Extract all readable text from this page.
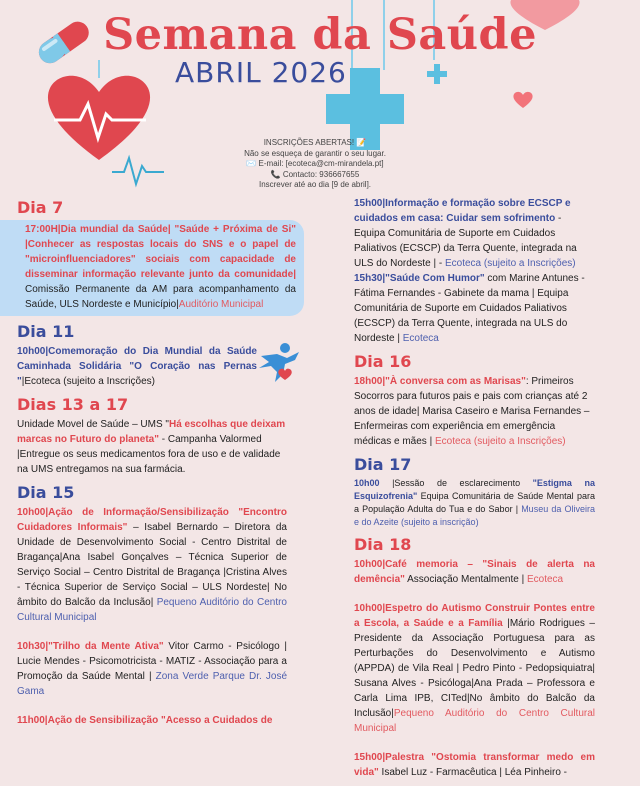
Semana da Saúde
ABRIL 2026
INSCRIÇÕES ABERTAS! 📝
Não se esqueça de garantir o seu lugar.
✉️ E-mail: [ecoteca@cm-mirandela.pt]
📞 Contacto: 936667655
Inscrever até ao dia [9 de abril].
Dia 7
17:00H|Dia mundial da Saúde| "Saúde + Próxima de Si" |Conhecer as respostas locais do SNS e o papel de "microinfluenciadores" sociais com capacidade de disseminar informação relevante junto da comunidade| Comissão Permanente da AM para acompanhamento da Saúde, ULS Nordeste e Município|Auditório Municipal
Dia 11
10h00|Comemoração do Dia Mundial da Saúde Caminhada Solidária "O Coração nas Pernas "|Ecoteca (sujeito a Inscrições)
Dias 13 a 17
Unidade Movel de Saúde – UMS "Há escolhas que deixam marcas no Futuro do planeta" - Campanha Valormed |Entregue os seus medicamentos fora de uso e de validade na UMS entregamos na sua farmácia.
Dia 15
10h00|Ação de Informação/Sensibilização "Encontro Cuidadores Informais" – Isabel Bernardo – Diretora da Unidade de Desenvolvimento Social - Centro Distrital de Bragança|Ana Isabel Gonçalves – Técnica Superior de Serviço Social – Centro Distrital de Bragança |Cristina Alves - Técnica Superior de Serviço Social – ULS Nordeste| No âmbito do Balcão da Inclusão| Pequeno Auditório do Centro Cultural Municipal
10h30|"Trilho da Mente Ativa" Vitor Carmo - Psicólogo | Lucie Mendes - Psicomotricista - MATIZ - Associação para a Promoção da Saúde Mental | Zona Verde Parque Dr. José Gama
11h00|Ação de Sensibilização "Acesso a Cuidados de
15h00|Informação e formação sobre ECSCP e cuidados em casa: Cuidar sem sofrimento - Equipa Comunitária de Suporte em Cuidados Paliativos (ECSCP) da Terra Quente, integrada na ULS do Nordeste | - Ecoteca (sujeito a Inscrições)
15h30|"Saúde Com Humor" com Marine Antunes - Fátima Fernandes - Gabinete da mama | Equipa Comunitária de Suporte em Cuidados Paliativos (ECSCP) da Terra Quente, integrada na ULS do Nordeste | Ecoteca
Dia 16
18h00|"À conversa com as Marisas": Primeiros Socorros para futuros pais e pais com crianças até 2 anos de idade| Marisa Caseiro e Marisa Fernandes – Enfermeiras com experiência em emergência médicas e mães | Ecoteca (sujeito a Inscrições)
Dia 17
10h00 |Sessão de esclarecimento "Estigma na Esquizofrenia" Equipa Comunitária de Saúde Mental para a População Adulta do Tua e do Sabor | Museu da Oliveira e do Azeite (sujeito a inscrição)
Dia 18
10h00|Café memoria – "Sinais de alerta na demência" Associação Mentalmente | Ecoteca
10h00|Espetro do Autismo Construir Pontes entre a Escola, a Saúde e a Família |Mário Rodrigues – Presidente da Associação Portuguesa para as Perturbações do Desenvolvimento e Autismo (APPDA) de Vila Real | Pedro Pinto - Pedopsiquiatra| Susana Alves - Psicóloga|Ana Prada – Professora e Carla Lima IPB, CITed|No âmbito do Balcão da Inclusão|Pequeno Auditório do Centro Cultural Municipal
15h00|Palestra "Ostomia transformar medo em vida" Isabel Luz - Farmacêutica | Léa Pinheiro -
